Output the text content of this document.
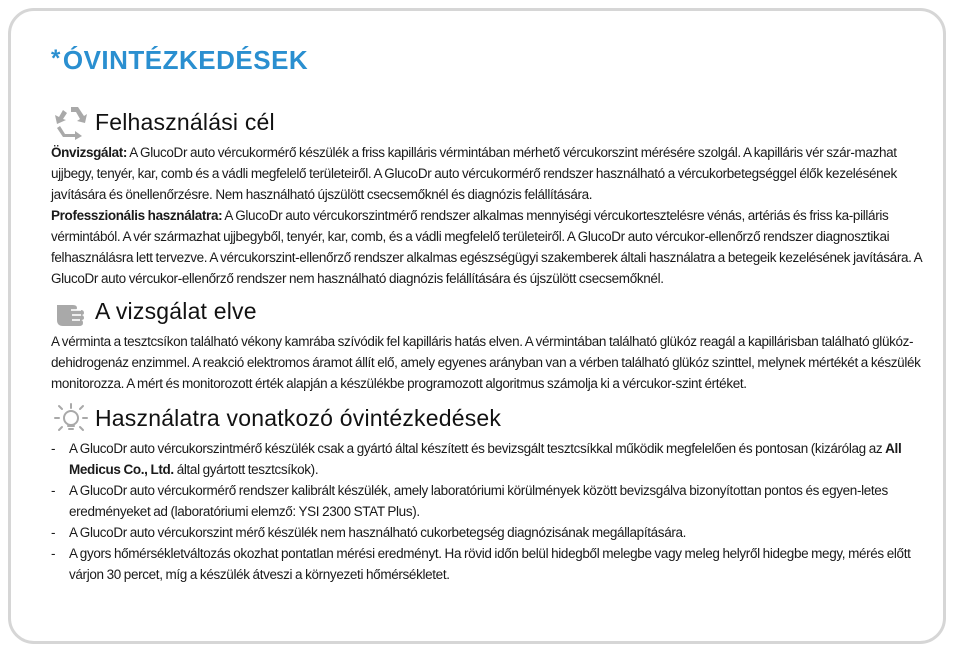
* ÓVINTÉZKEDÉSEK
Felhasználási cél

Önvizsgálat: A GlucoDr auto vércukormérő készülék a friss kapilláris vérmintában mérhető vércukorszint mérésére szolgál. A kapilláris vér szár-mazhat ujjbegy, tenyér, kar, comb és a vádli megfelelő területeiről. A GlucoDr auto vércukormérő rendszer használható a vércukorbetegséggel élők kezelésének javítására és önellenőrzésre. Nem használható újszülött csecsemőknél és diagnózis felállítására.

Professzionális használatra: A GlucoDr auto vércukorszintmérő rendszer alkalmas mennyiségi vércukortesztelésre vénás, artériás és friss ka-pilláris vérmintából. A vér származhat ujjbegyből, tenyér, kar, comb, és a vádli megfelelő területeiről. A GlucoDr auto vércukor-ellenőrző rendszer diagnosztikai felhasználásra lett tervezve. A vércukorszint-ellenőrző rendszer alkalmas egészségügyi szakemberek általi használatra a betegeik kezelésének javítására. A GlucoDr auto vércukor-ellenőrző rendszer nem használható diagnózis felállítására és újszülött csecsemőknél.

A vizsgálat elve

A vérminta a tesztcsíkon található vékony kamrába szívódik fel kapilláris hatás elven. A vérmintában található glükóz reagál a kapillárisban található glükóz-dehidrogenáz enzimmel. A reakció elektromos áramot állít elő, amely egyenes arányban van a vérben található glükóz szinttel, melynek mértékét a készülék monitorozza. A mért és monitorozott érték alapján a készülékbe programozott algoritmus számolja ki a vércukor-szint értéket.

Használatra vonatkozó óvintézkedések
- A GlucoDr auto vércukorszintmérő készülék csak a gyártó által készített és bevizsgált tesztcsíkkal működik megfelelően és pontosan (kizárólag az All Medicus Co., Ltd. által gyártott tesztcsíkok).
- A GlucoDr auto vércukormérő rendszer kalibrált készülék, amely laboratóriumi körülmények között bevizsgálva bizonyítottan pontos és egyen-letes eredményeket ad (laboratóriumi elemző: YSI 2300 STAT Plus).
- A GlucoDr auto vércukorszint mérő készülék nem használható cukorbetegség diagnózisának megállapítására.
- A gyors hőmérsékletváltozás okozhat pontatlan mérési eredményt. Ha rövid időn belül hidegből melegbe vagy meleg helyről hidegbe megy, mérés előtt várjon 30 percet, míg a készülék átveszi a környezeti hőmérsékletet.
